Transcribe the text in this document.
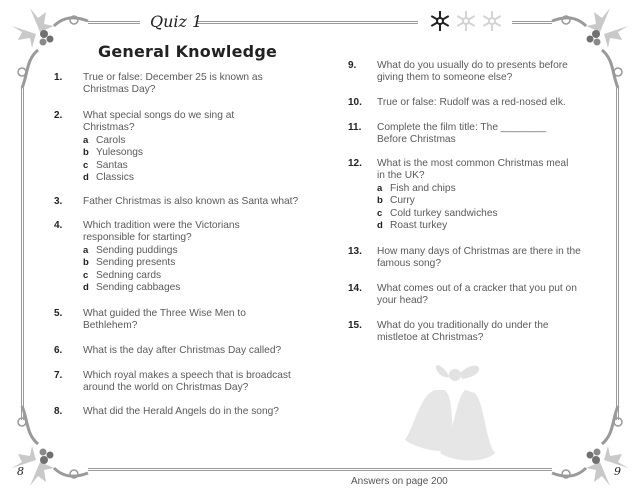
Quiz 1
General Knowledge
1. True or false: December 25 is known as Christmas Day?
2. What special songs do we sing at Christmas?
a Carols
b Yulesongs
c Santas
d Classics
3. Father Christmas is also known as Santa what?
4. Which tradition were the Victorians responsible for starting?
a Sending puddings
b Sending presents
c Sedning cards
d Sending cabbages
5. What guided the Three Wise Men to Bethlehem?
6. What is the day after Christmas Day called?
7. Which royal makes a speech that is broadcast around the world on Christmas Day?
8. What did the Herald Angels do in the song?
9. What do you usually do to presents before giving them to someone else?
10. True or false: Rudolf was a red-nosed elk.
11. Complete the film title: The ________ Before Christmas
12. What is the most common Christmas meal in the UK?
a Fish and chips
b Curry
c Cold turkey sandwiches
d Roast turkey
13. How many days of Christmas are there in the famous song?
14. What comes out of a cracker that you put on your head?
15. What do you traditionally do under the mistletoe at Christmas?
8	9
Answers on page 200
